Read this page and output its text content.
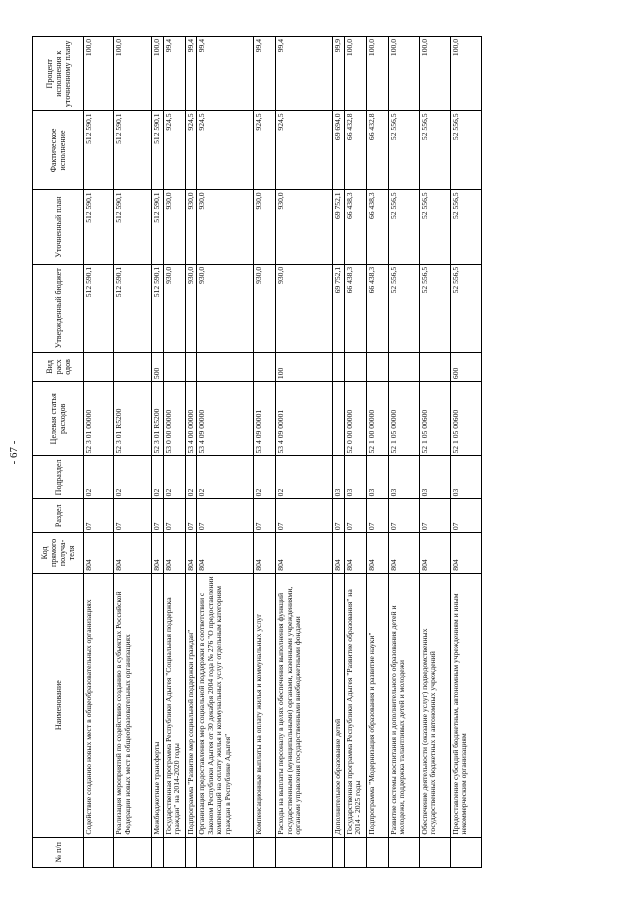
- 67 -
№ п/п	Наименование	Код прямого получа-теля	Раздел	Подраздел	Целевая статья расходов	Вид расх одов	Утвержденный бюджет	Уточненный план	Фактическое исполнение	Процент исполнения к уточненному плану
	Содействие созданию новых мест в общеобразовательных организациях	804	07	02	52 3 01 00000		512 590,1	512 590,1	512 590,1	100,0
	Реализация мероприятий по содействию созданию в субъектах Российской Федерации новых мест в общеобразовательных организациях	804	07	02	52 3 01 R5200		512 590,1	512 590,1	512 590,1	100,0
	Межбюджетные трансферты	804	07	02	52 3 01 R5200	500	512 590,1	512 590,1	512 590,1	100,0
	Государственная программа Республики Адыгея "Социальная поддержка граждан" на 2014-2020 годы	804	07	02	53 0 00 00000		930,0	930,0	924,5	99,4
	Подпрограмма "Развитие мер социальной поддержки граждан"	804	07	02	53 4 00 00000		930,0	930,0	924,5	99,4
	Организация предоставления мер социальной поддержки в соответствии с Законом Республики Адыгея от 30 декабря 2004 года № 276 "О предоставлении компенсаций на оплату жилья и коммунальных услуг отдельным категориям граждан в Республике Адыгея"	804	07	02	53 4 09 00000		930,0	930,0	924,5	99,4
	Компенсационные выплаты на оплату жилья и коммунальных услуг	804	07	02	53 4 09 00001		930,0	930,0	924,5	99,4
	Расходы на выплаты персоналу в целях обеспечения выполнения функций государственными (муниципальными) органами, казенными учреждениями, органами управления государственными внебюджетными фондами	804	07	02	53 4 09 00001	100	930,0	930,0	924,5	99,4
	Дополнительное образование детей	804	07	03			69 752,1	69 752,1	69 694,0	99,9
	Государственная программа Республики Адыгея "Развитие образования" на 2014 - 2025 годы	804	07	03	52 0 00 00000		66 438,3	66 438,3	66 432,8	100,0
	Подпрограмма "Модернизация образования и развитие науки"	804	07	03	52 1 00 00000		66 438,3	66 438,3	66 432,8	100,0
	Развитие системы воспитания и дополнительного образования детей и молодежи, поддержка талантливых детей и молодежи	804	07	03	52 1 05 00000		52 556,5	52 556,5	52 556,5	100,0
	Обеспечение деятельности (оказание услуг) подведомственных государственных бюджетных и автономных учреждений	804	07	03	52 1 05 00600		52 556,5	52 556,5	52 556,5	100,0
	Предоставление субсидий бюджетным, автономным учреждениям и иным некоммерческим организациям	804	07	03	52 1 05 00600	600	52 556,5	52 556,5	52 556,5	100,0
